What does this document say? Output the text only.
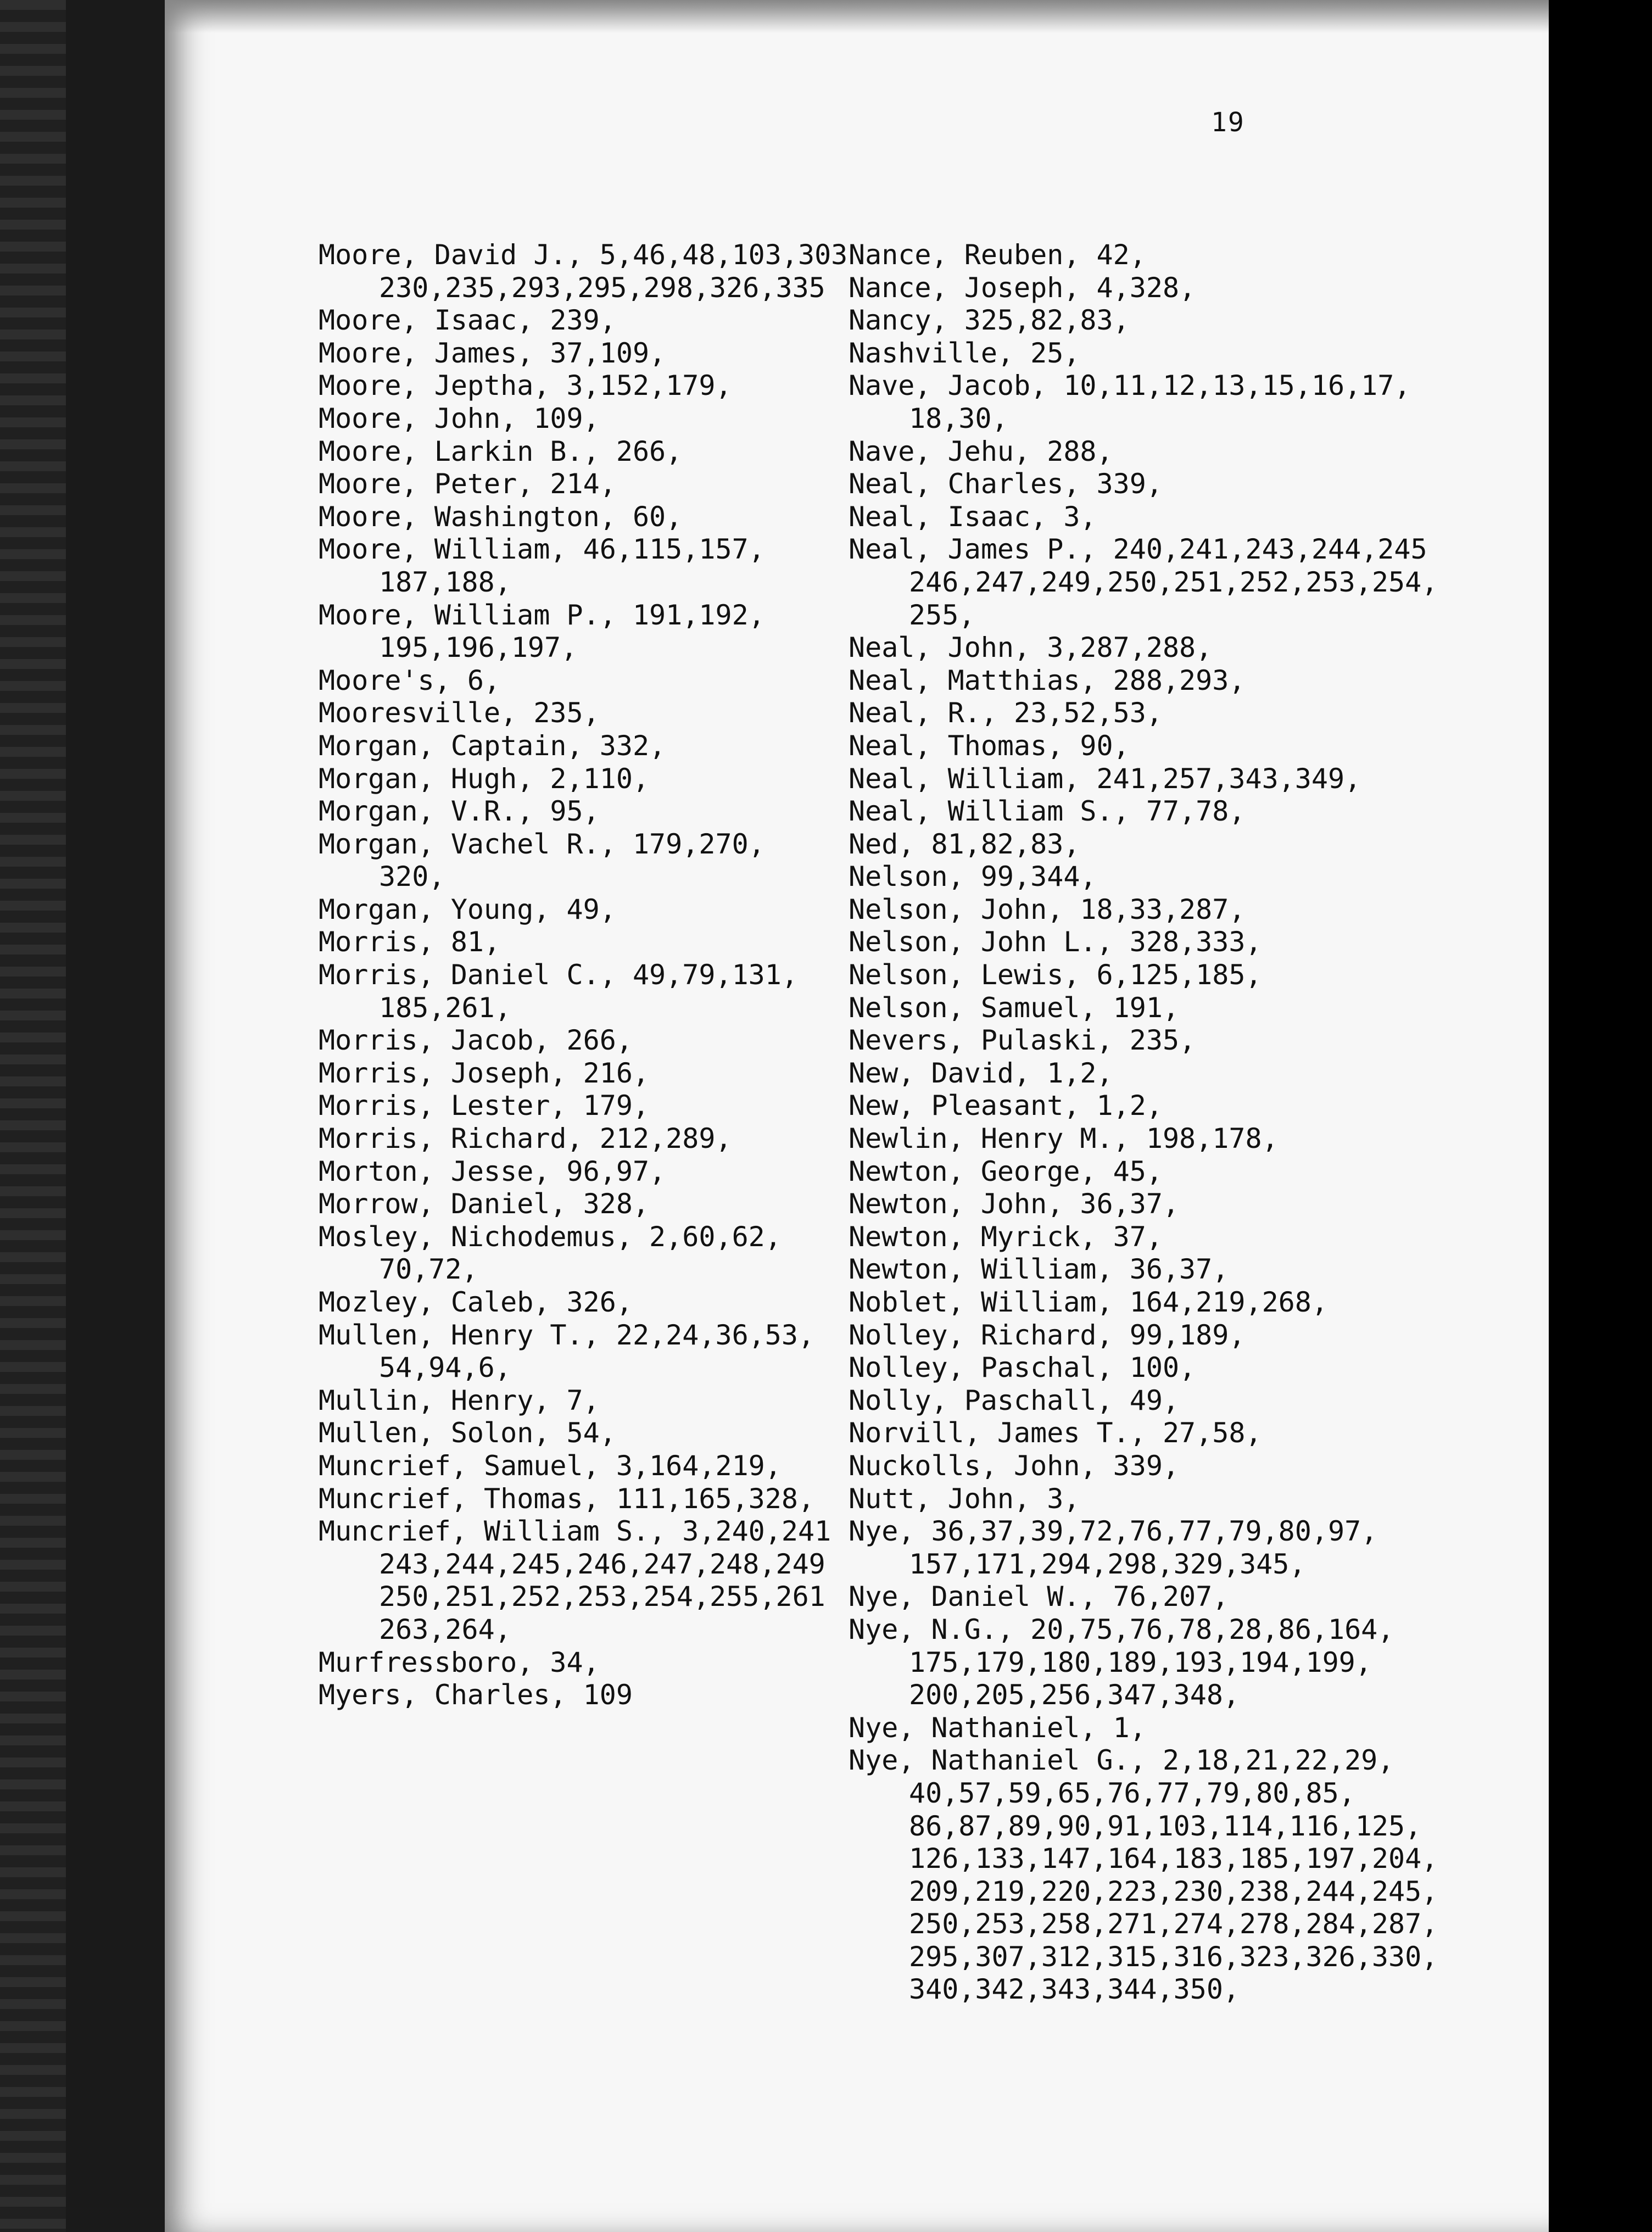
19
Moore, David J., 5,46,48,103,303
230,235,293,295,298,326,335
Moore, Isaac, 239,
Moore, James, 37,109,
Moore, Jeptha, 3,152,179,
Moore, John, 109,
Moore, Larkin B., 266,
Moore, Peter, 214,
Moore, Washington, 60,
Moore, William, 46,115,157,
187,188,
Moore, William P., 191,192,
195,196,197,
Moore's, 6,
Mooresville, 235,
Morgan, Captain, 332,
Morgan, Hugh, 2,110,
Morgan, V.R., 95,
Morgan, Vachel R., 179,270,
320,
Morgan, Young, 49,
Morris, 81,
Morris, Daniel C., 49,79,131,
185,261,
Morris, Jacob, 266,
Morris, Joseph, 216,
Morris, Lester, 179,
Morris, Richard, 212,289,
Morton, Jesse, 96,97,
Morrow, Daniel, 328,
Mosley, Nichodemus, 2,60,62,
70,72,
Mozley, Caleb, 326,
Mullen, Henry T., 22,24,36,53,
54,94,6,
Mullin, Henry, 7,
Mullen, Solon, 54,
Muncrief, Samuel, 3,164,219,
Muncrief, Thomas, 111,165,328,
Muncrief, William S., 3,240,241
243,244,245,246,247,248,249
250,251,252,253,254,255,261
263,264,
Murfressboro, 34,
Myers, Charles, 109
Nance, Reuben, 42,
Nance, Joseph, 4,328,
Nancy, 325,82,83,
Nashville, 25,
Nave, Jacob, 10,11,12,13,15,16,17,
18,30,
Nave, Jehu, 288,
Neal, Charles, 339,
Neal, Isaac, 3,
Neal, James P., 240,241,243,244,245
246,247,249,250,251,252,253,254,
255,
Neal, John, 3,287,288,
Neal, Matthias, 288,293,
Neal, R., 23,52,53,
Neal, Thomas, 90,
Neal, William, 241,257,343,349,
Neal, William S., 77,78,
Ned, 81,82,83,
Nelson, 99,344,
Nelson, John, 18,33,287,
Nelson, John L., 328,333,
Nelson, Lewis, 6,125,185,
Nelson, Samuel, 191,
Nevers, Pulaski, 235,
New, David, 1,2,
New, Pleasant, 1,2,
Newlin, Henry M., 198,178,
Newton, George, 45,
Newton, John, 36,37,
Newton, Myrick, 37,
Newton, William, 36,37,
Noblet, William, 164,219,268,
Nolley, Richard, 99,189,
Nolley, Paschal, 100,
Nolly, Paschall, 49,
Norvill, James T., 27,58,
Nuckolls, John, 339,
Nutt, John, 3,
Nye, 36,37,39,72,76,77,79,80,97,
157,171,294,298,329,345,
Nye, Daniel W., 76,207,
Nye, N.G., 20,75,76,78,28,86,164,
175,179,180,189,193,194,199,
200,205,256,347,348,
Nye, Nathaniel, 1,
Nye, Nathaniel G., 2,18,21,22,29,
40,57,59,65,76,77,79,80,85,
86,87,89,90,91,103,114,116,125,
126,133,147,164,183,185,197,204,
209,219,220,223,230,238,244,245,
250,253,258,271,274,278,284,287,
295,307,312,315,316,323,326,330,
340,342,343,344,350,
